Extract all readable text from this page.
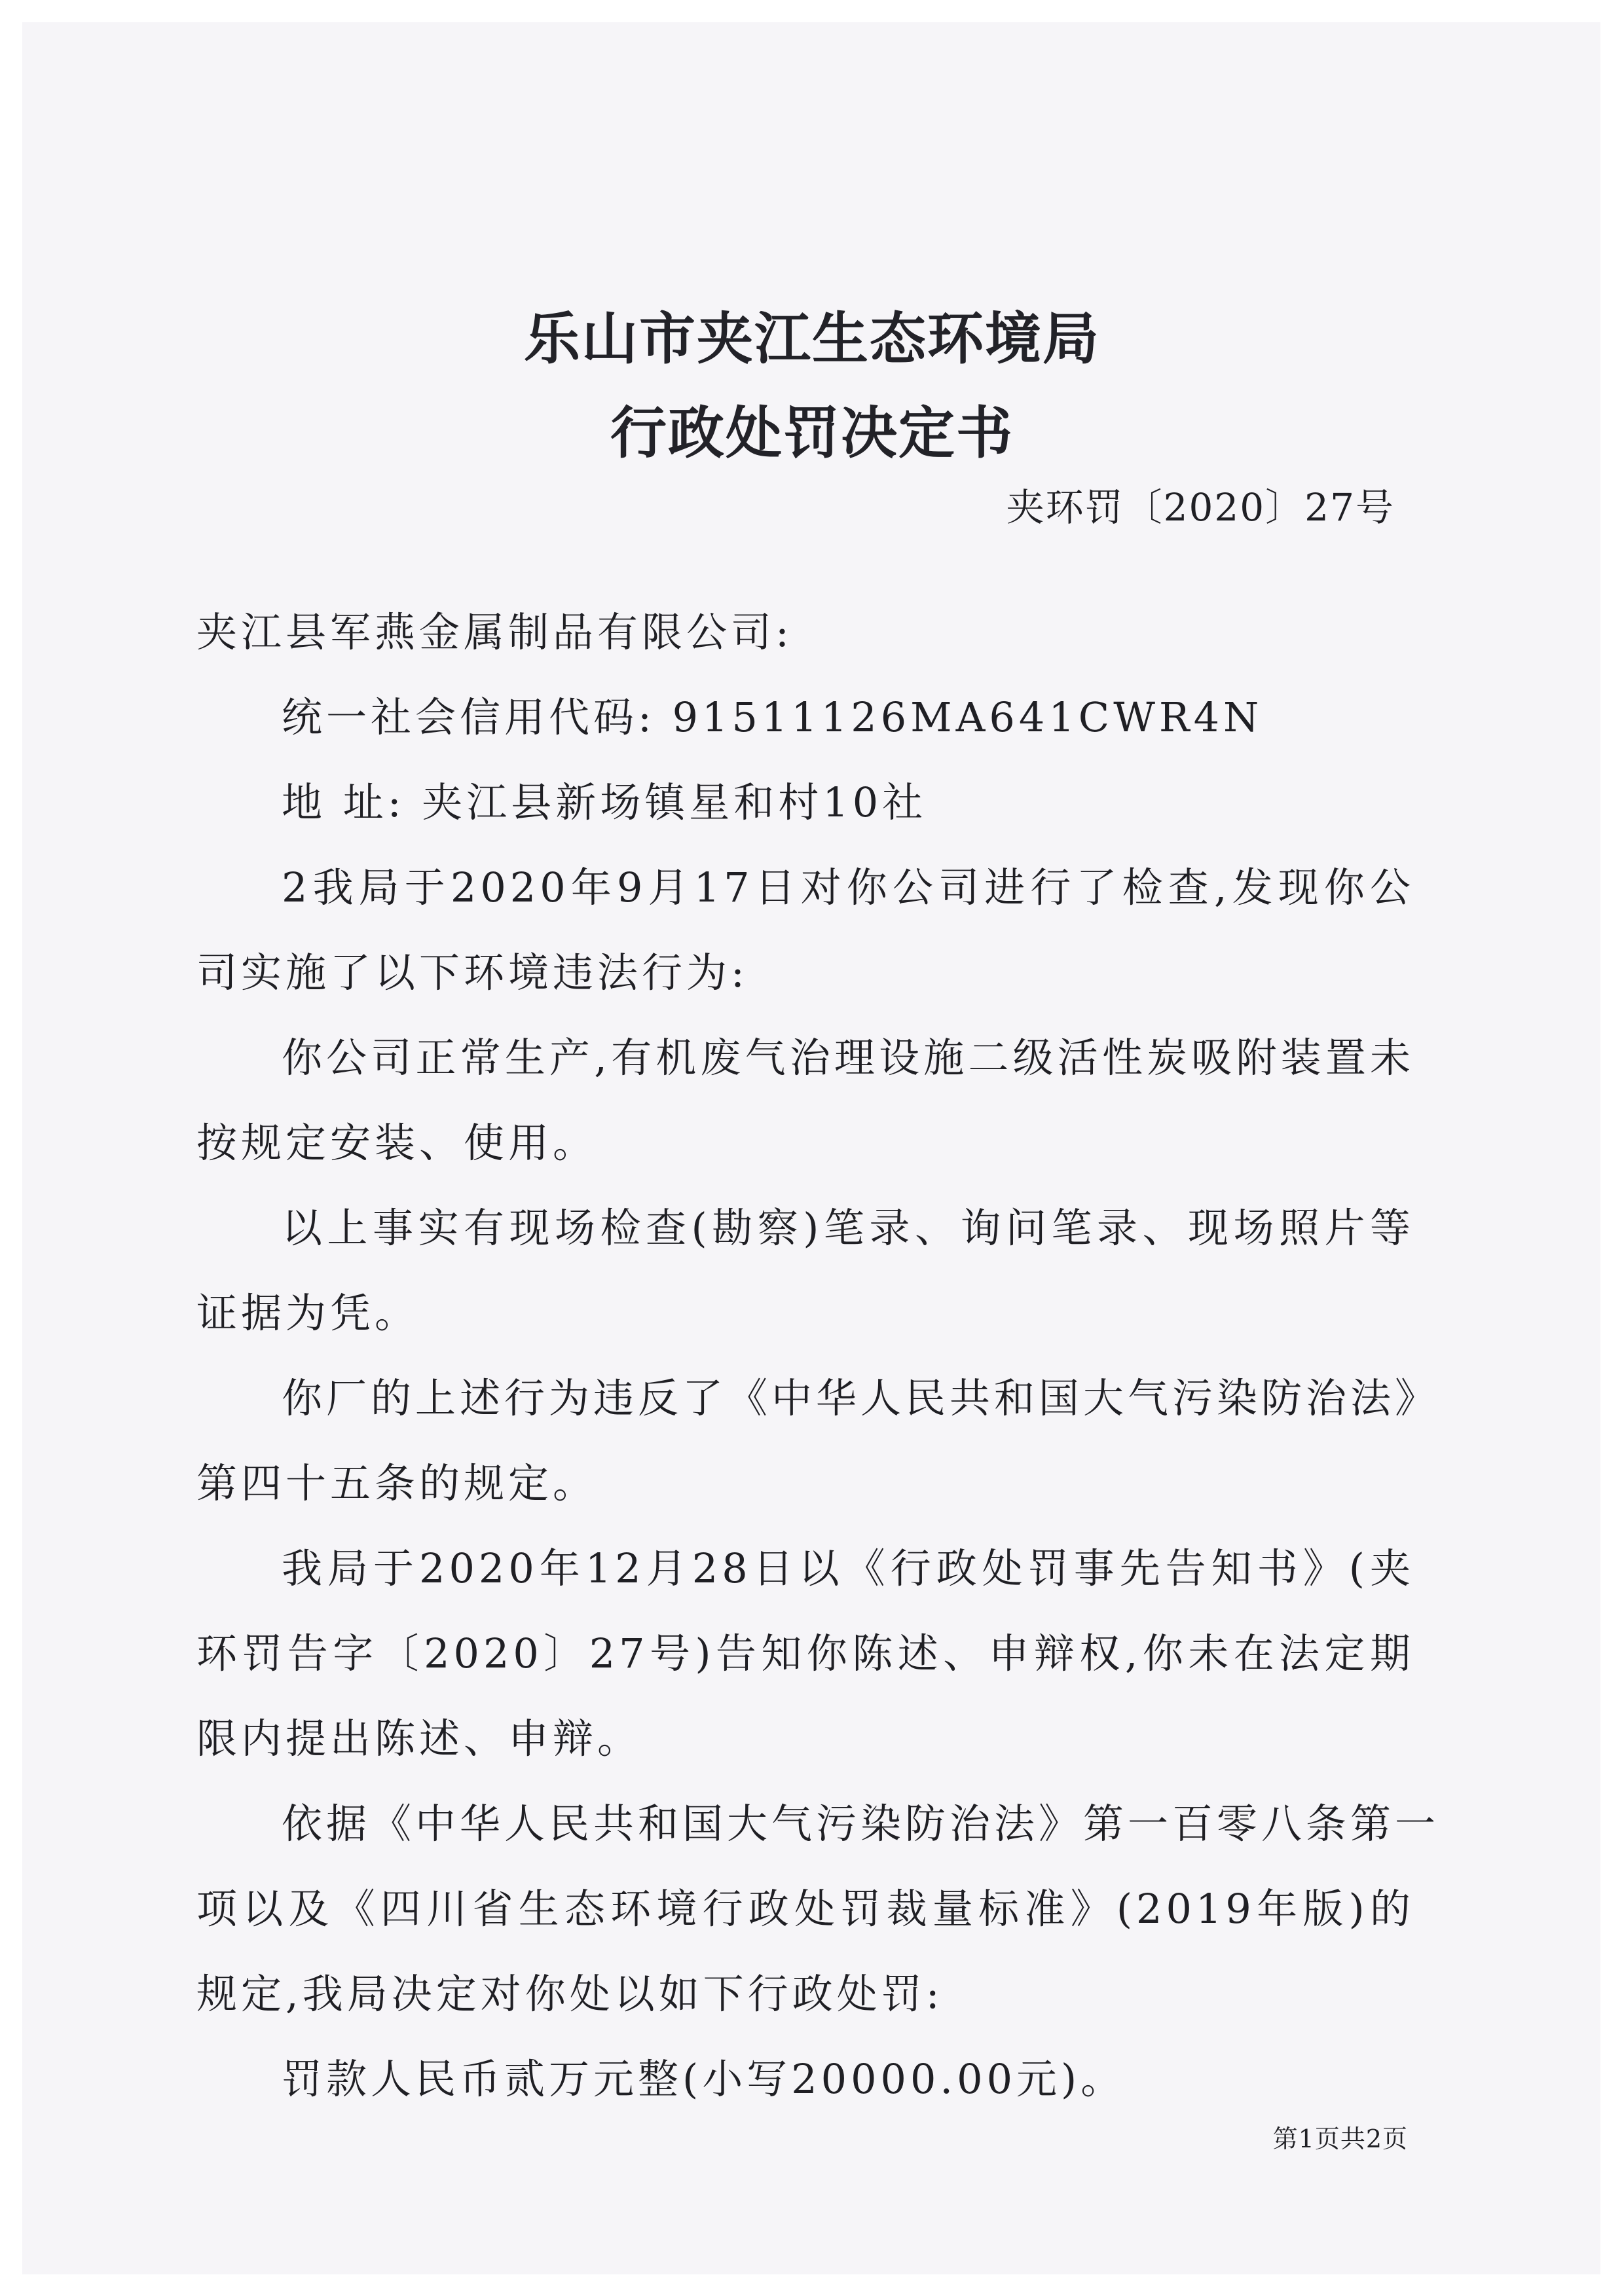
乐山市夹江生态环境局
行政处罚决定书
夹环罚〔2020〕27号
夹江县军燕金属制品有限公司:
统一社会信用代码: 91511126MA641CWR4N
地 址: 夹江县新场镇星和村10社
2我局于2020年9月17日对你公司进行了检查,发现你公
司实施了以下环境违法行为:
你公司正常生产,有机废气治理设施二级活性炭吸附装置未
按规定安装、使用。
以上事实有现场检查(勘察)笔录、询问笔录、现场照片等
证据为凭。
你厂的上述行为违反了《中华人民共和国大气污染防治法》
第四十五条的规定。
我局于2020年12月28日以《行政处罚事先告知书》(夹
环罚告字〔2020〕27号)告知你陈述、申辩权,你未在法定期
限内提出陈述、申辩。
依据《中华人民共和国大气污染防治法》第一百零八条第一
项以及《四川省生态环境行政处罚裁量标准》(2019年版)的
规定,我局决定对你处以如下行政处罚:
罚款人民币贰万元整(小写20000.00元)。
第1页共2页
